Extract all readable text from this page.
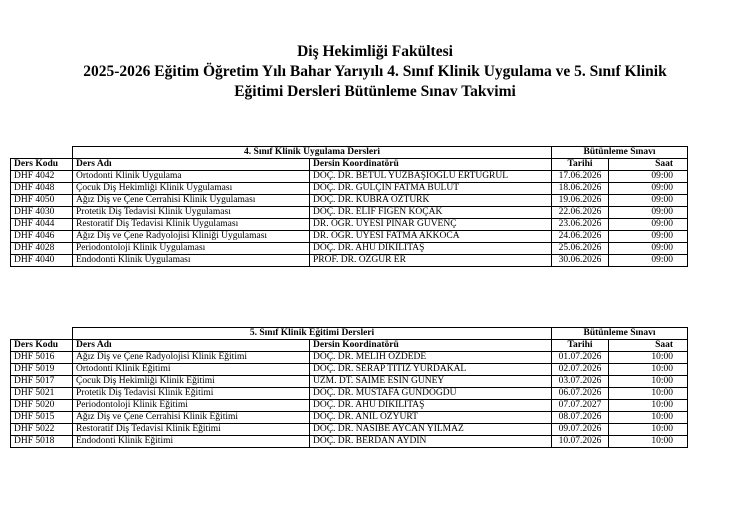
Diş Hekimliği Fakültesi
2025-2026 Eğitim Öğretim Yılı Bahar Yarıyılı 4. Sınıf Klinik Uygulama ve 5. Sınıf Klinik
Eğitimi Dersleri Bütünleme Sınav Takvimi
	4. Sınıf Klinik Uygulama Dersleri		Bütünleme Sınavı	
Ders Kodu	Ders Adı	Dersin Koordinatörü	Tarihi	Saat
DHF 4042	Ortodonti Klinik Uygulama	DOÇ. DR. BETÜL YÜZBAŞIOĞLU ERTUĞRUL	17.06.2026	09:00
DHF 4048	Çocuk Diş Hekimliği Klinik Uygulaması	DOÇ. DR. GÜLÇİN FATMA BULUT	18.06.2026	09:00
DHF 4050	Ağız Diş ve Çene Cerrahisi Klinik Uygulaması	DOÇ. DR. KÜBRA ÖZTÜRK	19.06.2026	09:00
DHF 4030	Protetik Diş Tedavisi Klinik Uygulaması	DOÇ. DR. ELİF FİGEN KOÇAK	22.06.2026	09:00
DHF 4044	Restoratif Diş Tedavisi Klinik Uygulaması	DR. ÖĞR. ÜYESİ PINAR GÜVENÇ	23.06.2026	09:00
DHF 4046	Ağız Diş ve Çene Radyolojisi Kliniği Uygulaması	DR. ÖĞR. ÜYESİ FATMA AKKOCA	24.06.2026	09:00
DHF 4028	Periodontoloji Klinik Uygulaması	DOÇ. DR. AHU DİKİLİTAŞ	25.06.2026	09:00
DHF 4040	Endodonti Klinik Uygulaması	PROF. DR. ÖZGÜR ER	30.06.2026	09:00
	5. Sınıf Klinik Eğitimi Dersleri		Bütünleme Sınavı	
Ders Kodu	Ders Adı	Dersin Koordinatörü	Tarihi	Saat
DHF 5016	Ağız Diş ve Çene Radyolojisi Klinik Eğitimi	DOÇ. DR. MELİH ÖZDEDE	01.07.2026	10:00
DHF 5019	Ortodonti Klinik Eğitimi	DOÇ. DR. SERAP TİTİZ YURDAKAL	02.07.2026	10:00
DHF 5017	Çocuk Diş Hekimliği Klinik Eğitimi	UZM. DT. SAİME ESİN GÜNEY	03.07.2026	10:00
DHF 5021	Protetik Diş Tedavisi Klinik Eğitimi	DOÇ. DR. MUSTAFA GÜNDOĞDU	06.07.2026	10:00
DHF 5020	Periodontoloji Klinik Eğitimi	DOÇ. DR. AHU DİKİLİTAŞ	07.07.2027	10:00
DHF 5015	Ağız Diş ve Çene Cerrahisi Klinik Eğitimi	DOÇ. DR. ANIL ÖZYURT	08.07.2026	10:00
DHF 5022	Restoratif Diş Tedavisi Klinik Eğitimi	DOÇ. DR. NASİBE AYCAN YILMAZ	09.07.2026	10:00
DHF 5018	Endodonti Klinik Eğitimi	DOÇ. DR. BERDAN AYDIN	10.07.2026	10:00
